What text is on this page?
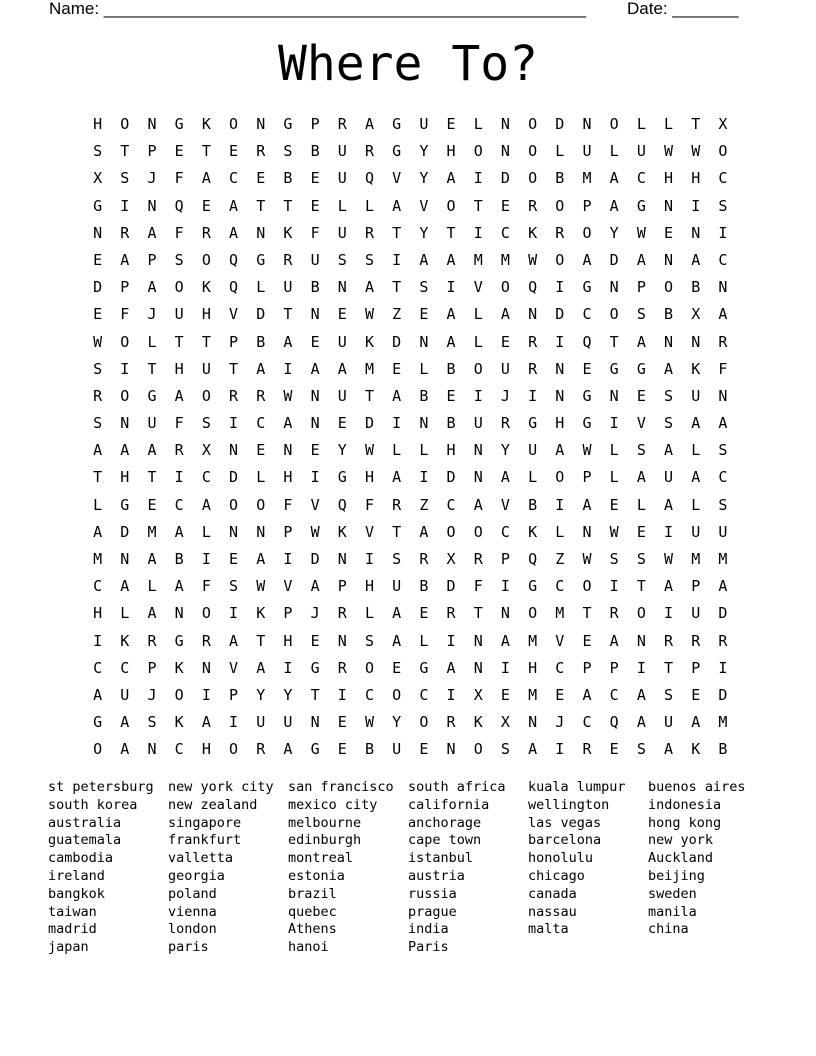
Name: ___________________________________________________ Date: _______
Where To?
H	O	N	G	K	O	N	G	P	R	A	G	U	E	L	N	O	D	N	O	L	L	T	X
S	T	P	E	T	E	R	S	B	U	R	G	Y	H	O	N	O	L	U	L	U	W	W	O
X	S	J	F	A	C	E	B	E	U	Q	V	Y	A	I	D	O	B	M	A	C	H	H	C
G	I	N	Q	E	A	T	T	E	L	L	A	V	O	T	E	R	O	P	A	G	N	I	S
N	R	A	F	R	A	N	K	F	U	R	T	Y	T	I	C	K	R	O	Y	W	E	N	I
E	A	P	S	O	Q	G	R	U	S	S	I	A	A	M	M	W	O	A	D	A	N	A	C
D	P	A	O	K	Q	L	U	B	N	A	T	S	I	V	O	Q	I	G	N	P	O	B	N
E	F	J	U	H	V	D	T	N	E	W	Z	E	A	L	A	N	D	C	O	S	B	X	A
W	O	L	T	T	P	B	A	E	U	K	D	N	A	L	E	R	I	Q	T	A	N	N	R
S	I	T	H	U	T	A	I	A	A	M	E	L	B	O	U	R	N	E	G	G	A	K	F
R	O	G	A	O	R	R	W	N	U	T	A	B	E	I	J	I	N	G	N	E	S	U	N
S	N	U	F	S	I	C	A	N	E	D	I	N	B	U	R	G	H	G	I	V	S	A	A
A	A	A	R	X	N	E	N	E	Y	W	L	L	H	N	Y	U	A	W	L	S	A	L	S
T	H	T	I	C	D	L	H	I	G	H	A	I	D	N	A	L	O	P	L	A	U	A	C
L	G	E	C	A	O	O	F	V	Q	F	R	Z	C	A	V	B	I	A	E	L	A	L	S
A	D	M	A	L	N	N	P	W	K	V	T	A	O	O	C	K	L	N	W	E	I	U	U
M	N	A	B	I	E	A	I	D	N	I	S	R	X	R	P	Q	Z	W	S	S	W	M	M
C	A	L	A	F	S	W	V	A	P	H	U	B	D	F	I	G	C	O	I	T	A	P	A
H	L	A	N	O	I	K	P	J	R	L	A	E	R	T	N	O	M	T	R	O	I	U	D
I	K	R	G	R	A	T	H	E	N	S	A	L	I	N	A	M	V	E	A	N	R	R	R
C	C	P	K	N	V	A	I	G	R	O	E	G	A	N	I	H	C	P	P	I	T	P	I
A	U	J	O	I	P	Y	Y	T	I	C	O	C	I	X	E	M	E	A	C	A	S	E	D
G	A	S	K	A	I	U	U	N	E	W	Y	O	R	K	X	N	J	C	Q	A	U	A	M
O	A	N	C	H	O	R	A	G	E	B	U	E	N	O	S	A	I	R	E	S	A	K	B
st petersburg
south korea
australia
guatemala
cambodia
ireland
bangkok
taiwan
madrid
japan
new york city
new zealand
singapore
frankfurt
valletta
georgia
poland
vienna
london
paris
san francisco
mexico city
melbourne
edinburgh
montreal
estonia
brazil
quebec
Athens
hanoi
south africa
california
anchorage
cape town
istanbul
austria
russia
prague
india
Paris
kuala lumpur
wellington
las vegas
barcelona
honolulu
chicago
canada
nassau
malta
buenos aires
indonesia
hong kong
new york
Auckland
beijing
sweden
manila
china
